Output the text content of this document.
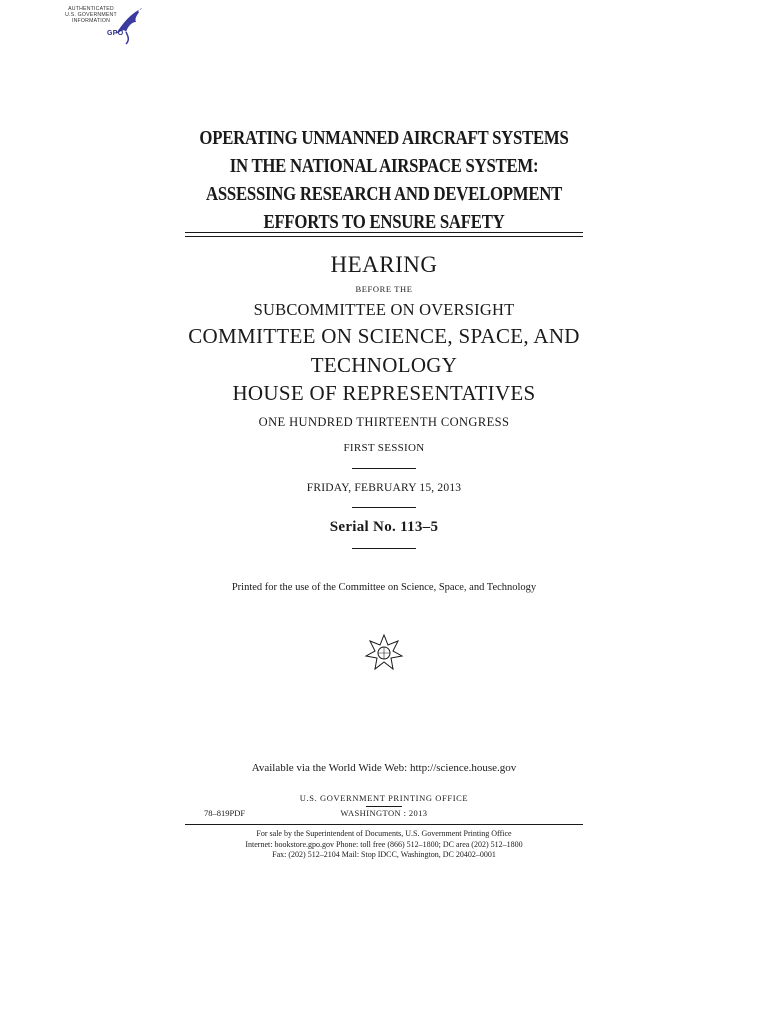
AUTHENTICATED
U.S. GOVERNMENT
INFORMATION
GPO
OPERATING UNMANNED AIRCRAFT SYSTEMS
IN THE NATIONAL AIRSPACE SYSTEM:
ASSESSING RESEARCH AND DEVELOPMENT
EFFORTS TO ENSURE SAFETY
HEARING
BEFORE THE
SUBCOMMITTEE ON OVERSIGHT
COMMITTEE ON SCIENCE, SPACE, AND
TECHNOLOGY
HOUSE OF REPRESENTATIVES
ONE HUNDRED THIRTEENTH CONGRESS
FIRST SESSION
FRIDAY, FEBRUARY 15, 2013
Serial No. 113–5
Printed for the use of the Committee on Science, Space, and Technology
Available via the World Wide Web: http://science.house.gov
U.S. GOVERNMENT PRINTING OFFICE
78–819PDF	WASHINGTON : 2013
For sale by the Superintendent of Documents, U.S. Government Printing Office
Internet: bookstore.gpo.gov Phone: toll free (866) 512–1800; DC area (202) 512–1800
Fax: (202) 512–2104 Mail: Stop IDCC, Washington, DC 20402–0001
